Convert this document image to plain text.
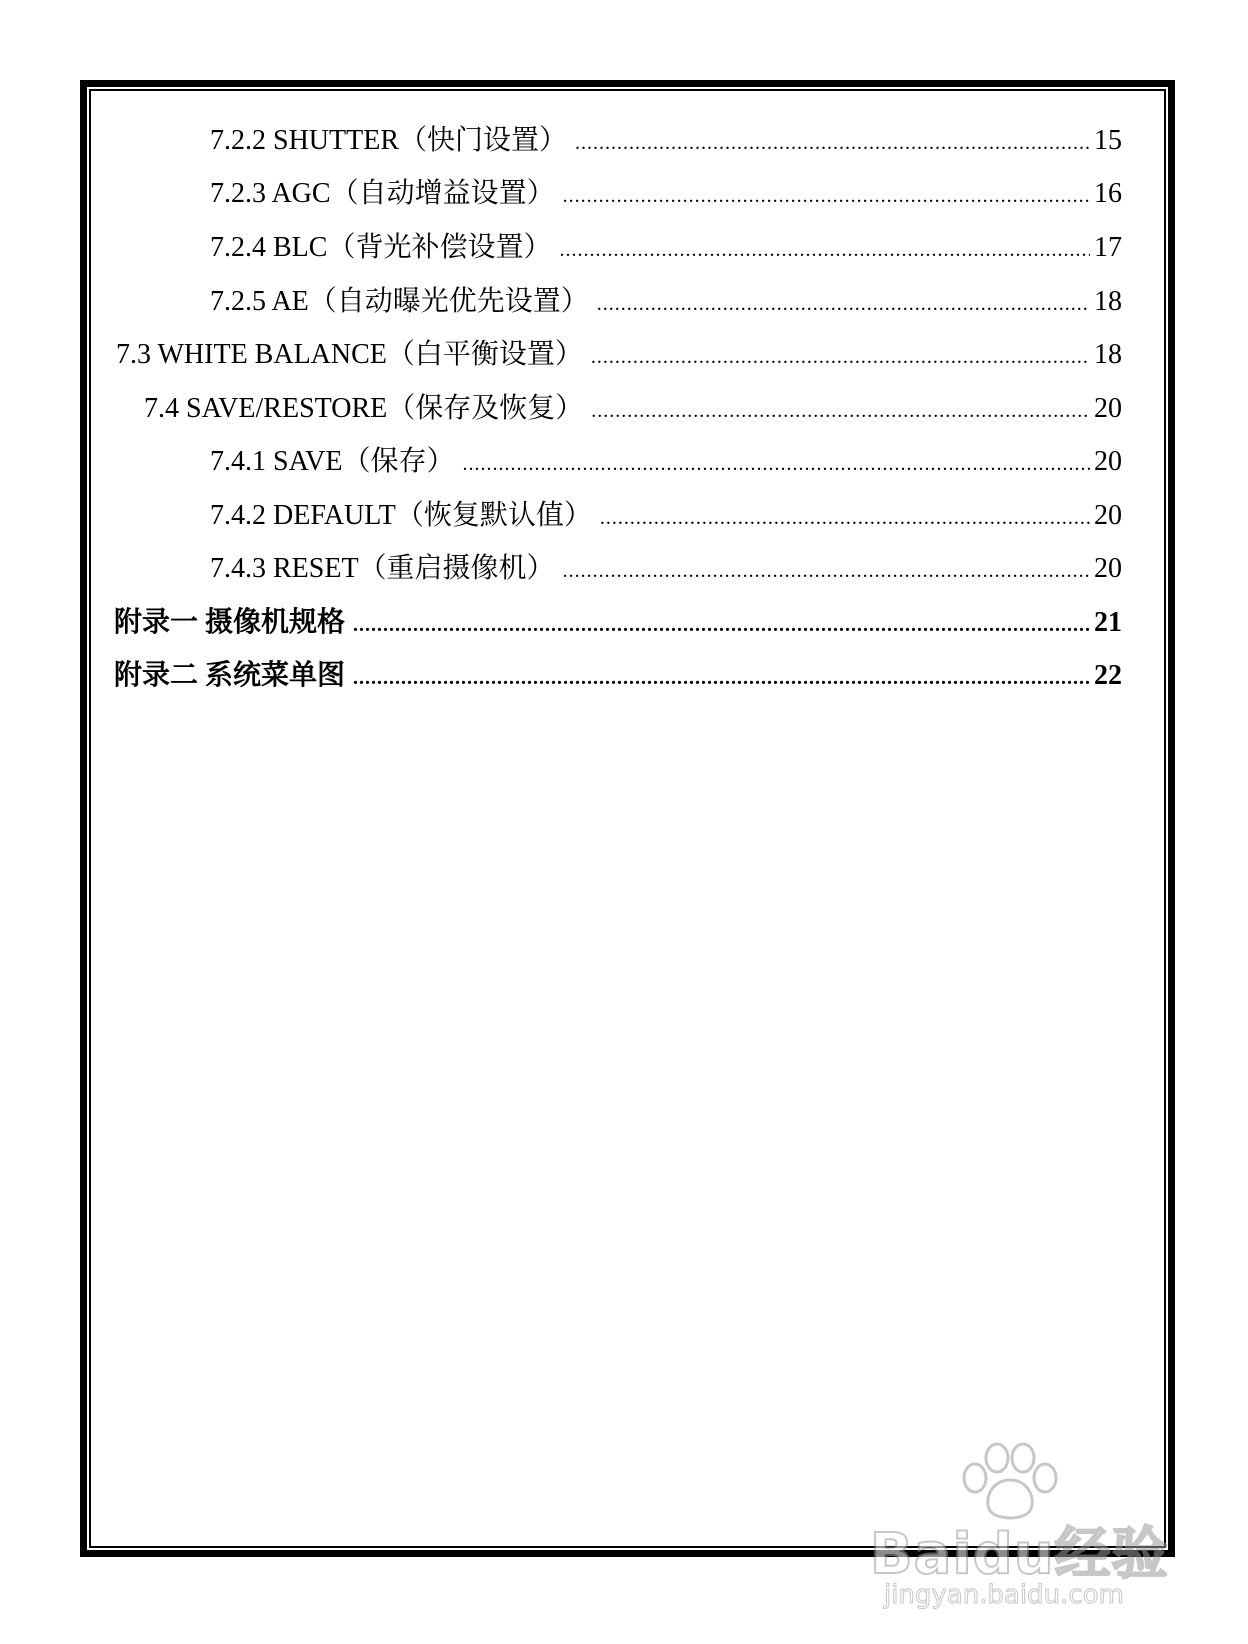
7.2.2 SHUTTER（快门设置） .....	15
7.2.3 AGC（自动增益设置） .....	16
7.2.4 BLC（背光补偿设置） .....	17
7.2.5 AE（自动曝光优先设置） .....	18
7.3 WHITE BALANCE（白平衡设置） .....	18
7.4 SAVE/RESTORE（保存及恢复） .....	20
7.4.1 SAVE（保存） .....	20
7.4.2 DEFAULT（恢复默认值） .....	20
7.4.3 RESET（重启摄像机） .....	20
附录一 摄像机规格 .....	21
附录二 系统菜单图 .....	22
Baidu经验
jingyan.baidu.com
